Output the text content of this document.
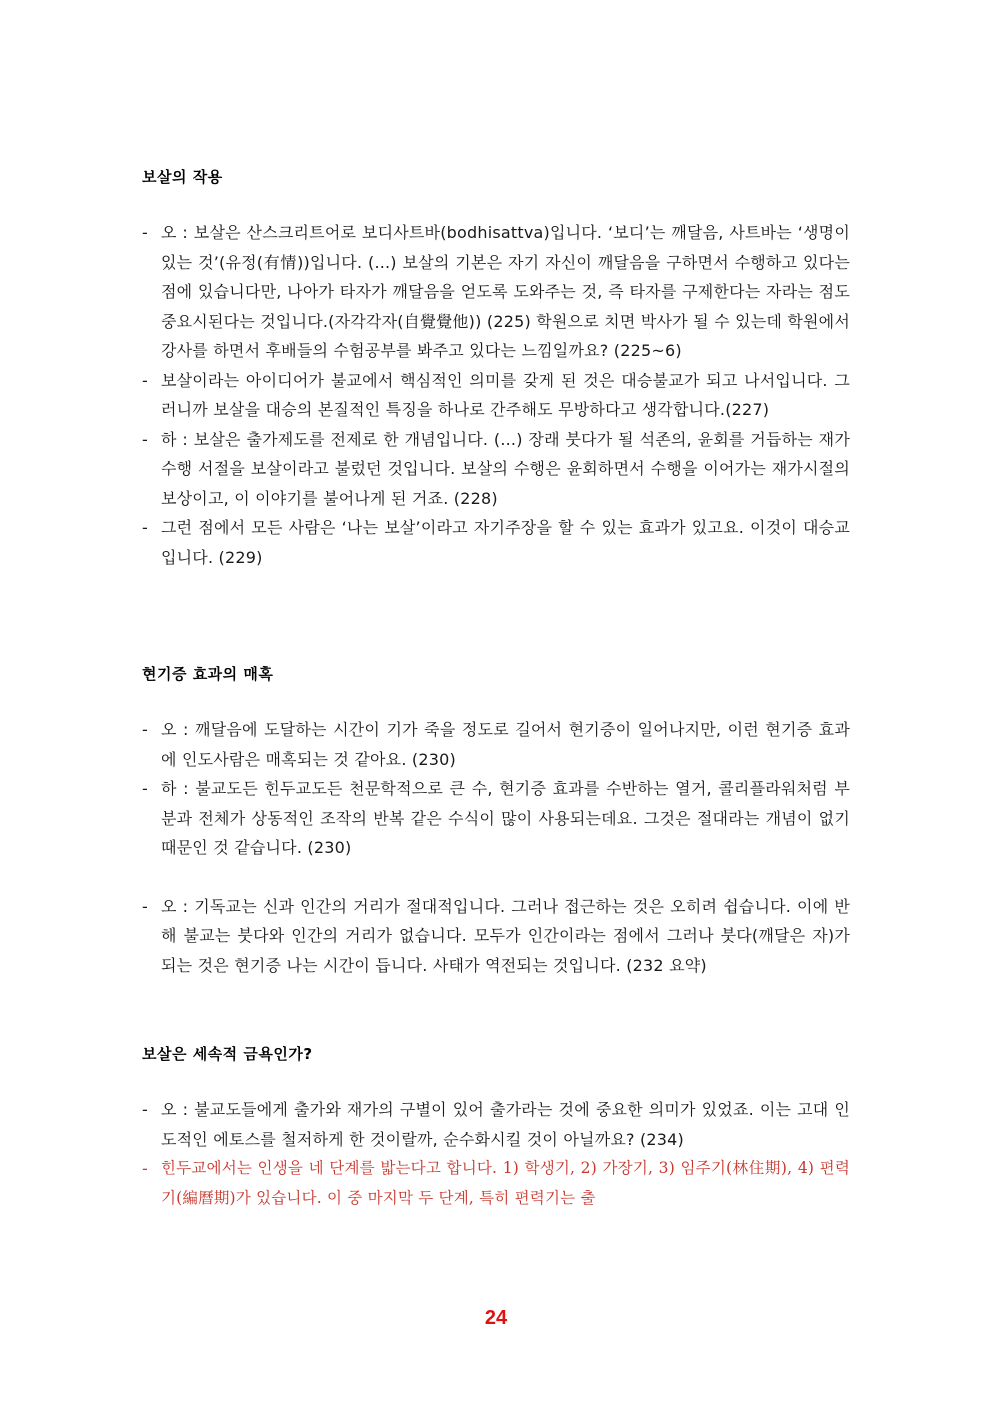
보살의 작용

- 오 : 보살은 산스크리트어로 보디사트바(bodhisattva)입니다. ‘보디’는 깨달음, 사트바는 ‘생명이 있는 것’(유정(有情))입니다. (...) 보살의 기본은 자기 자신이 깨달음을 구하면서 수행하고 있다는 점에 있습니다만, 나아가 타자가 깨달음을 얻도록 도와주는 것, 즉 타자를 구제한다는 자라는 점도 중요시된다는 것입니다.(자각각자(自覺覺他)) (225) 학원으로 치면 박사가 될 수 있는데 학원에서 강사를 하면서 후배들의 수험공부를 봐주고 있다는 느낌일까요? (225~6)

- 보살이라는 아이디어가 불교에서 핵심적인 의미를 갖게 된 것은 대승불교가 되고 나서입니다. 그러니까 보살을 대승의 본질적인 특징을 하나로 간주해도 무방하다고 생각합니다.(227)

- 하 : 보살은 출가제도를 전제로 한 개념입니다. (...) 장래 붓다가 될 석존의, 윤회를 거듭하는 재가수행 서절을 보살이라고 불렀던 것입니다. 보살의 수행은 윤회하면서 수행을 이어가는 재가시절의 보상이고, 이 이야기를 불어나게 된 거죠. (228)

- 그런 점에서 모든 사람은 ‘나는 보살’이라고 자기주장을 할 수 있는 효과가 있고요. 이것이 대승교입니다. (229)

현기증 효과의 매혹

- 오 : 깨달음에 도달하는 시간이 기가 죽을 정도로 길어서 현기증이 일어나지만, 이런 현기증 효과에 인도사람은 매혹되는 것 같아요. (230)

- 하 : 불교도든 힌두교도든 천문학적으로 큰 수, 현기증 효과를 수반하는 열거, 콜리플라워처럼 부분과 전체가 상동적인 조작의 반복 같은 수식이 많이 사용되는데요. 그것은 절대라는 개념이 없기 때문인 것 같습니다. (230)

- 오 : 기독교는 신과 인간의 거리가 절대적입니다. 그러나 접근하는 것은 오히려 쉽습니다. 이에 반해 불교는 붓다와 인간의 거리가 없습니다. 모두가 인간이라는 점에서 그러나 붓다(깨달은 자)가 되는 것은 현기증 나는 시간이 듭니다. 사태가 역전되는 것입니다. (232 요약)

보살은 세속적 금욕인가?

- 오 : 불교도들에게 출가와 재가의 구별이 있어 출가라는 것에 중요한 의미가 있었죠. 이는 고대 인도적인 에토스를 철저하게 한 것이랄까, 순수화시킬 것이 아닐까요? (234)

- 힌두교에서는 인생을 네 단계를 밟는다고 합니다. 1) 학생기, 2) 가장기, 3) 임주기(林住期), 4) 편력기(編曆期)가 있습니다. 이 중 마지막 두 단계, 특히 편력기는 출

24
